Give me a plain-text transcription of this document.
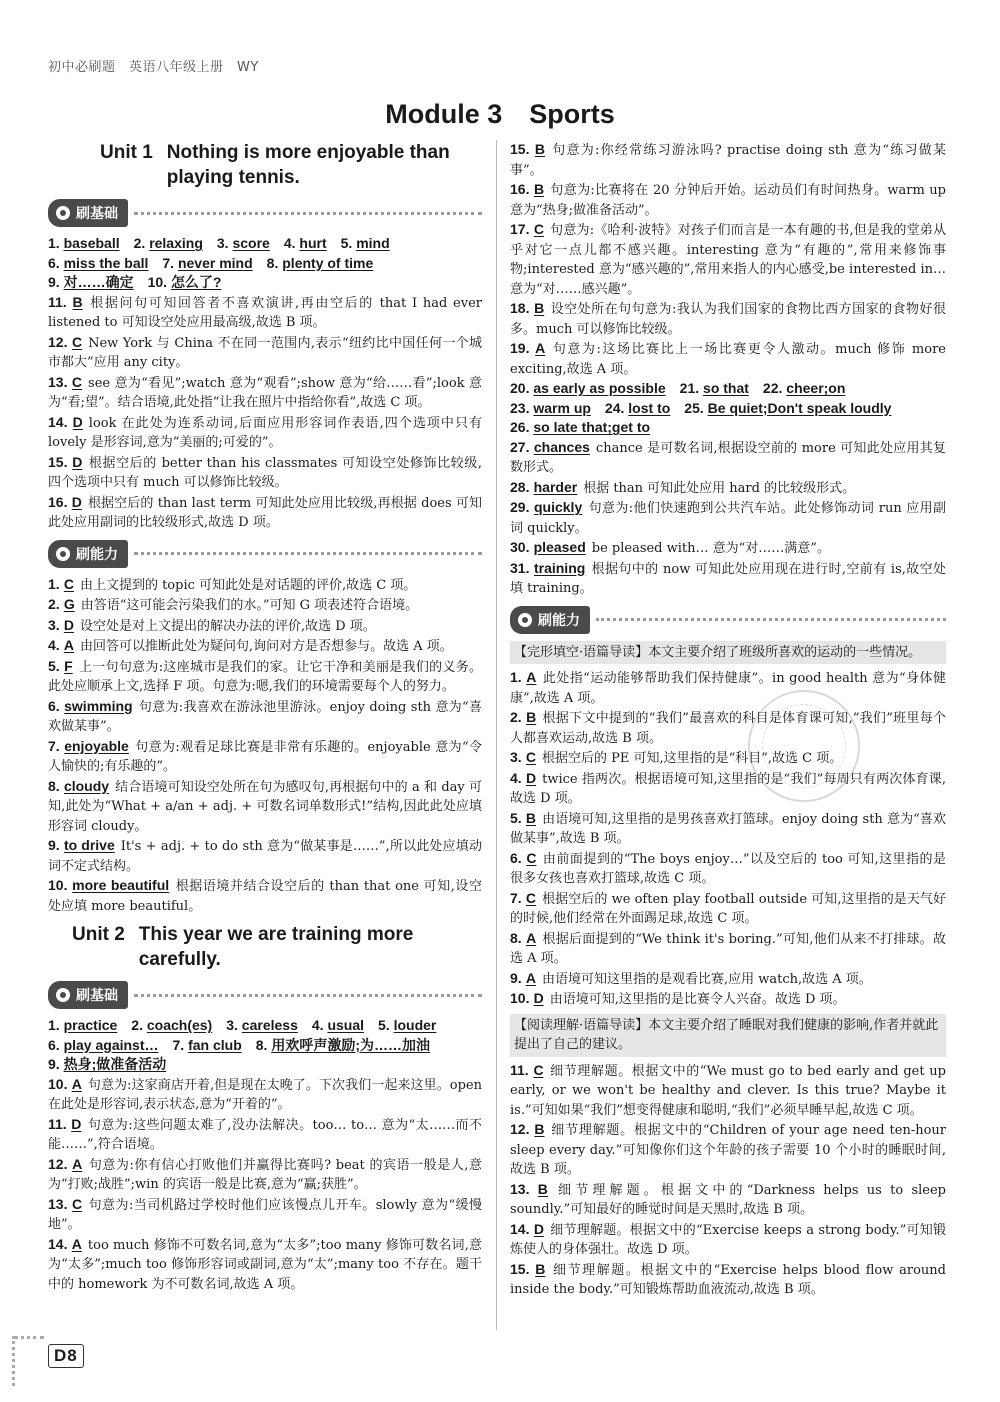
初中必刷题　英语八年级上册　WY
Module 3　Sports
Unit 1 Nothing is more enjoyable than playing tennis.
刷基础

1. baseball　2. relaxing　3. score　4. hurt　5. mind

6. miss the ball　7. never mind　8. plenty of time

9. 对……确定　10. 怎么了?

11. B 根据问句可知回答者不喜欢演讲,再由空后的 that I had ever listened to 可知设空处应用最高级,故选 B 项。

12. C New York 与 China 不在同一范围内,表示“纽约比中国任何一个城市都大”应用 any city。

13. C see 意为“看见”;watch 意为“观看”;show 意为“给……看”;look 意为“看;望”。结合语境,此处指“让我在照片中指给你看”,故选 C 项。

14. D look 在此处为连系动词,后面应用形容词作表语,四个选项中只有 lovely 是形容词,意为“美丽的;可爱的”。

15. D 根据空后的 better than his classmates 可知设空处修饰比较级,四个选项中只有 much 可以修饰比较级。

16. D 根据空后的 than last term 可知此处应用比较级,再根据 does 可知此处应用副词的比较级形式,故选 D 项。

刷能力

1. C 由上文提到的 topic 可知此处是对话题的评价,故选 C 项。

2. G 由答语“这可能会污染我们的水。”可知 G 项表述符合语境。

3. D 设空处是对上文提出的解决办法的评价,故选 D 项。

4. A 由回答可以推断此处为疑问句,询问对方是否想参与。故选 A 项。

5. F 上一句句意为:这座城市是我们的家。让它干净和美丽是我们的义务。此处应顺承上文,选择 F 项。句意为:嗯,我们的环境需要每个人的努力。

6. swimming 句意为:我喜欢在游泳池里游泳。enjoy doing sth 意为“喜欢做某事”。

7. enjoyable 句意为:观看足球比赛是非常有乐趣的。enjoyable 意为“令人愉快的;有乐趣的”。

8. cloudy 结合语境可知设空处所在句为感叹句,再根据句中的 a 和 day 可知,此处为“What + a/an + adj. + 可数名词单数形式!”结构,因此此处应填形容词 cloudy。

9. to drive It's + adj. + to do sth 意为“做某事是……”,所以此处应填动词不定式结构。

10. more beautiful 根据语境并结合设空后的 than that one 可知,设空处应填 more beautiful。

Unit 2 This year we are training more carefully.
刷基础

1. practice　2. coach(es)　3. careless　4. usual　5. louder

6. play against…　7. fan club　8. 用欢呼声激励;为……加油

9. 热身;做准备活动

10. A 句意为:这家商店开着,但是现在太晚了。下次我们一起来这里。open 在此处是形容词,表示状态,意为“开着的”。

11. D 句意为:这些问题太难了,没办法解决。too… to… 意为“太……而不能……”,符合语境。

12. A 句意为:你有信心打败他们并赢得比赛吗? beat 的宾语一般是人,意为“打败;战胜”;win 的宾语一般是比赛,意为“赢;获胜”。

13. C 句意为:当司机路过学校时他们应该慢点儿开车。slowly 意为“缓慢地”。

14. A too much 修饰不可数名词,意为“太多”;too many 修饰可数名词,意为“太多”;much too 修饰形容词或副词,意为“太”;many too 不存在。题干中的 homework 为不可数名词,故选 A 项。

15. B 句意为:你经常练习游泳吗? practise doing sth 意为“练习做某事”。

16. B 句意为:比赛将在 20 分钟后开始。运动员们有时间热身。warm up 意为“热身;做准备活动”。

17. C 句意为:《哈利·波特》对孩子们而言是一本有趣的书,但是我的堂弟从乎对它一点儿都不感兴趣。interesting 意为“有趣的”,常用来修饰事物;interested 意为“感兴趣的”,常用来指人的内心感受,be interested in… 意为“对……感兴趣”。

18. B 设空处所在句句意为:我认为我们国家的食物比西方国家的食物好很多。much 可以修饰比较级。

19. A 句意为:这场比赛比上一场比赛更令人激动。much 修饰 more exciting,故选 A 项。

20. as early as possible　21. so that　22. cheer;on

23. warm up　24. lost to　25. Be quiet;Don't speak loudly

26. so late that;get to

27. chances chance 是可数名词,根据设空前的 more 可知此处应用其复数形式。

28. harder 根据 than 可知此处应用 hard 的比较级形式。

29. quickly 句意为:他们快速跑到公共汽车站。此处修饰动词 run 应用副词 quickly。

30. pleased be pleased with… 意为“对……满意”。

31. training 根据句中的 now 可知此处应用现在进行时,空前有 is,故空处填 training。

刷能力
【完形填空·语篇导读】本文主要介绍了班级所喜欢的运动的一些情况。

1. A 此处指“运动能够帮助我们保持健康”。in good health 意为“身体健康”,故选 A 项。

2. B 根据下文中提到的“我们”最喜欢的科目是体育课可知,“我们”班里每个人都喜欢运动,故选 B 项。

3. C 根据空后的 PE 可知,这里指的是“科目”,故选 C 项。

4. D twice 指两次。根据语境可知,这里指的是“我们”每周只有两次体育课,故选 D 项。

5. B 由语境可知,这里指的是男孩喜欢打篮球。enjoy doing sth 意为“喜欢做某事”,故选 B 项。

6. C 由前面提到的“The boys enjoy…”以及空后的 too 可知,这里指的是很多女孩也喜欢打篮球,故选 C 项。

7. C 根据空后的 we often play football outside 可知,这里指的是天气好的时候,他们经常在外面踢足球,故选 C 项。

8. A 根据后面提到的“We think it's boring.”可知,他们从来不打排球。故选 A 项。

9. A 由语境可知这里指的是观看比赛,应用 watch,故选 A 项。

10. D 由语境可知,这里指的是比赛令人兴奋。故选 D 项。

【阅读理解·语篇导读】本文主要介绍了睡眠对我们健康的影响,作者并就此提出了自己的建议。

11. C 细节理解题。根据文中的“We must go to bed early and get up early, or we won't be healthy and clever. Is this true? Maybe it is.”可知如果“我们”想变得健康和聪明,“我们”必须早睡早起,故选 C 项。

12. B 细节理解题。根据文中的“Children of your age need ten-hour sleep every day.”可知像你们这个年龄的孩子需要 10 个小时的睡眠时间,故选 B 项。

13. B 细节理解题。根据文中的“Darkness helps us to sleep soundly.”可知最好的睡觉时间是天黑时,故选 B 项。

14. D 细节理解题。根据文中的“Exercise keeps a strong body.”可知锻炼使人的身体强壮。故选 D 项。

15. B 细节理解题。根据文中的“Exercise helps blood flow around inside the body.”可知锻炼帮助血液流动,故选 B 项。

D8
